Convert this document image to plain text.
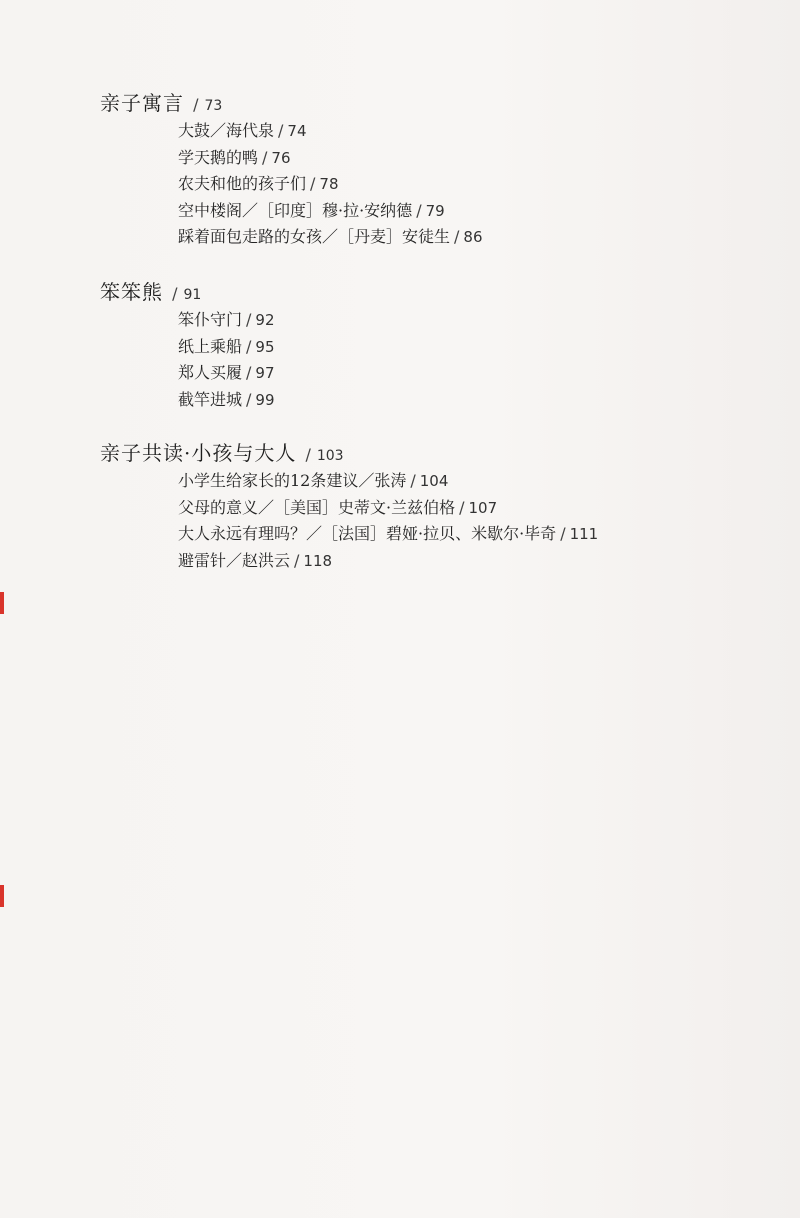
亲子寓言 / 73
大鼓／海代泉 / 74
学天鹅的鸭 / 76
农夫和他的孩子们 / 78
空中楼阁／［印度］穆·拉·安纳德 / 79
踩着面包走路的女孩／［丹麦］安徒生 / 86
笨笨熊 / 91
笨仆守门 / 92
纸上乘船 / 95
郑人买履 / 97
截竿进城 / 99
亲子共读·小孩与大人 / 103
小学生给家长的12条建议／张涛 / 104
父母的意义／［美国］史蒂文·兰兹伯格 / 107
大人永远有理吗？／［法国］碧娅·拉贝、米歇尔·毕奇 / 111
避雷针／赵洪云 / 118
